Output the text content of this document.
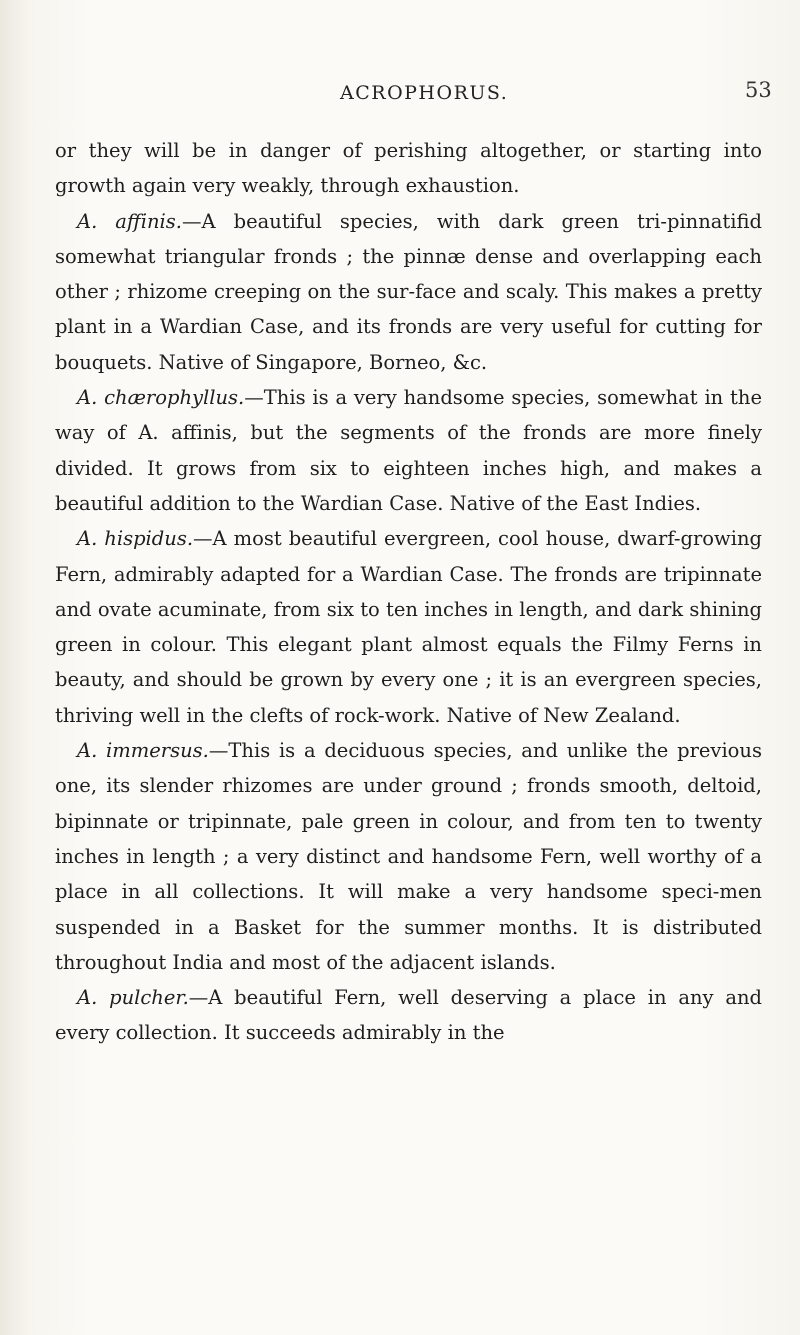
ACROPHORUS.	53

or they will be in danger of perishing altogether, or starting into growth again very weakly, through exhaustion.

A. affinis.—A beautiful species, with dark green tri-pinnatifid somewhat triangular fronds ; the pinnæ dense and overlapping each other ; rhizome creeping on the sur-face and scaly. This makes a pretty plant in a Wardian Case, and its fronds are very useful for cutting for bouquets. Native of Singapore, Borneo, &c.

A. chærophyllus.—This is a very handsome species, somewhat in the way of A. affinis, but the segments of the fronds are more finely divided. It grows from six to eighteen inches high, and makes a beautiful addition to the Wardian Case. Native of the East Indies.

A. hispidus.—A most beautiful evergreen, cool house, dwarf-growing Fern, admirably adapted for a Wardian Case. The fronds are tripinnate and ovate acuminate, from six to ten inches in length, and dark shining green in colour. This elegant plant almost equals the Filmy Ferns in beauty, and should be grown by every one ; it is an evergreen species, thriving well in the clefts of rock-work. Native of New Zealand.

A. immersus.—This is a deciduous species, and unlike the previous one, its slender rhizomes are under ground ; fronds smooth, deltoid, bipinnate or tripinnate, pale green in colour, and from ten to twenty inches in length ; a very distinct and handsome Fern, well worthy of a place in all collections. It will make a very handsome speci-men suspended in a Basket for the summer months. It is distributed throughout India and most of the adjacent islands.

A. pulcher.—A beautiful Fern, well deserving a place in any and every collection. It succeeds admirably in the
